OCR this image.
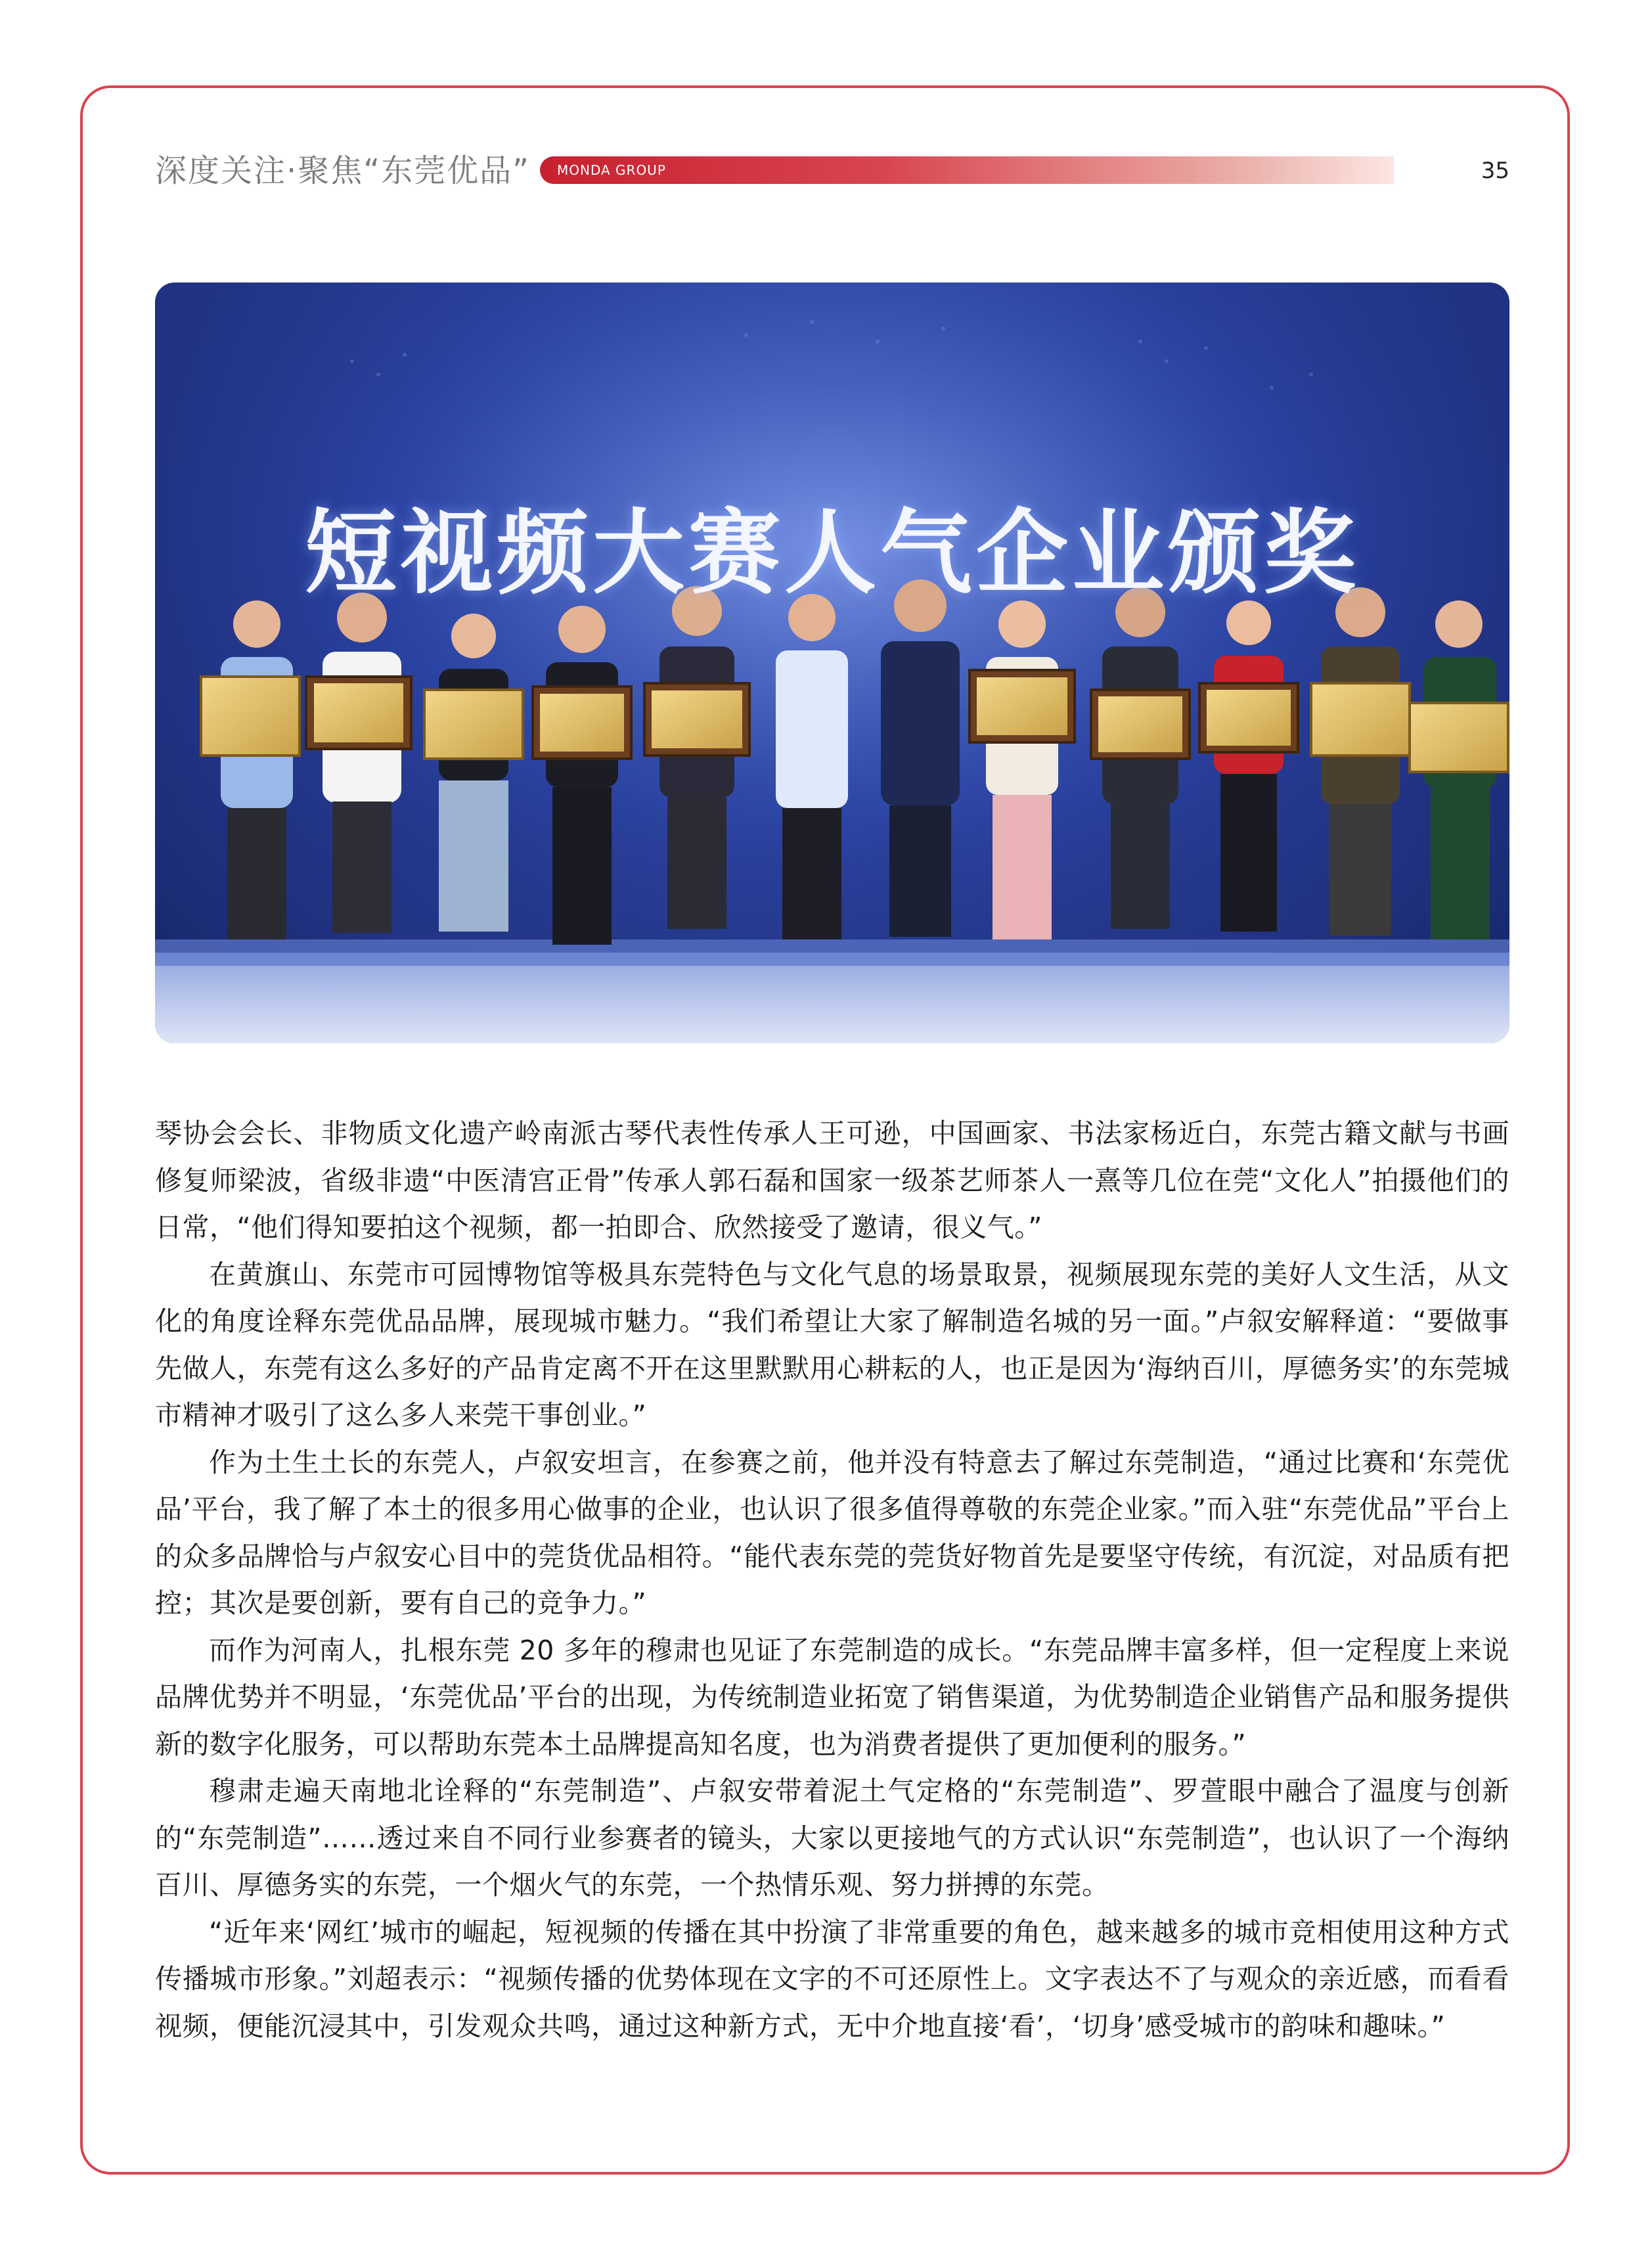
深度关注·聚焦“东莞优品” MONDA GROUP	35
短视频大赛人气企业颁奖

琴协会会长、非物质文化遗产岭南派古琴代表性传承人王可逊，中国画家、书法家杨近白，东莞古籍文献与书画修复师梁波，省级非遗“中医清宫正骨”传承人郭石磊和国家一级茶艺师茶人一熹等几位在莞“文化人”拍摄他们的日常，“他们得知要拍这个视频，都一拍即合、欣然接受了邀请，很义气。”

在黄旗山、东莞市可园博物馆等极具东莞特色与文化气息的场景取景，视频展现东莞的美好人文生活，从文化的角度诠释东莞优品品牌，展现城市魅力。“我们希望让大家了解制造名城的另一面。”卢叙安解释道：“要做事先做人，东莞有这么多好的产品肯定离不开在这里默默用心耕耘的人，也正是因为‘海纳百川，厚德务实’的东莞城市精神才吸引了这么多人来莞干事创业。”

作为土生土长的东莞人，卢叙安坦言，在参赛之前，他并没有特意去了解过东莞制造，“通过比赛和‘东莞优品’平台，我了解了本土的很多用心做事的企业，也认识了很多值得尊敬的东莞企业家。”而入驻“东莞优品”平台上的众多品牌恰与卢叙安心目中的莞货优品相符。“能代表东莞的莞货好物首先是要坚守传统，有沉淀，对品质有把控；其次是要创新，要有自己的竞争力。”

而作为河南人，扎根东莞 20 多年的穆肃也见证了东莞制造的成长。“东莞品牌丰富多样，但一定程度上来说品牌优势并不明显，‘东莞优品’平台的出现，为传统制造业拓宽了销售渠道，为优势制造企业销售产品和服务提供新的数字化服务，可以帮助东莞本土品牌提高知名度，也为消费者提供了更加便利的服务。”

穆肃走遍天南地北诠释的“东莞制造”、卢叙安带着泥土气定格的“东莞制造”、罗萱眼中融合了温度与创新的“东莞制造”……透过来自不同行业参赛者的镜头，大家以更接地气的方式认识“东莞制造”，也认识了一个海纳百川、厚德务实的东莞，一个烟火气的东莞，一个热情乐观、努力拼搏的东莞。

“近年来‘网红’城市的崛起，短视频的传播在其中扮演了非常重要的角色，越来越多的城市竞相使用这种方式传播城市形象。”刘超表示：“视频传播的优势体现在文字的不可还原性上。文字表达不了与观众的亲近感，而看看视频，便能沉浸其中，引发观众共鸣，通过这种新方式，无中介地直接‘看’，‘切身’感受城市的韵味和趣味。”
